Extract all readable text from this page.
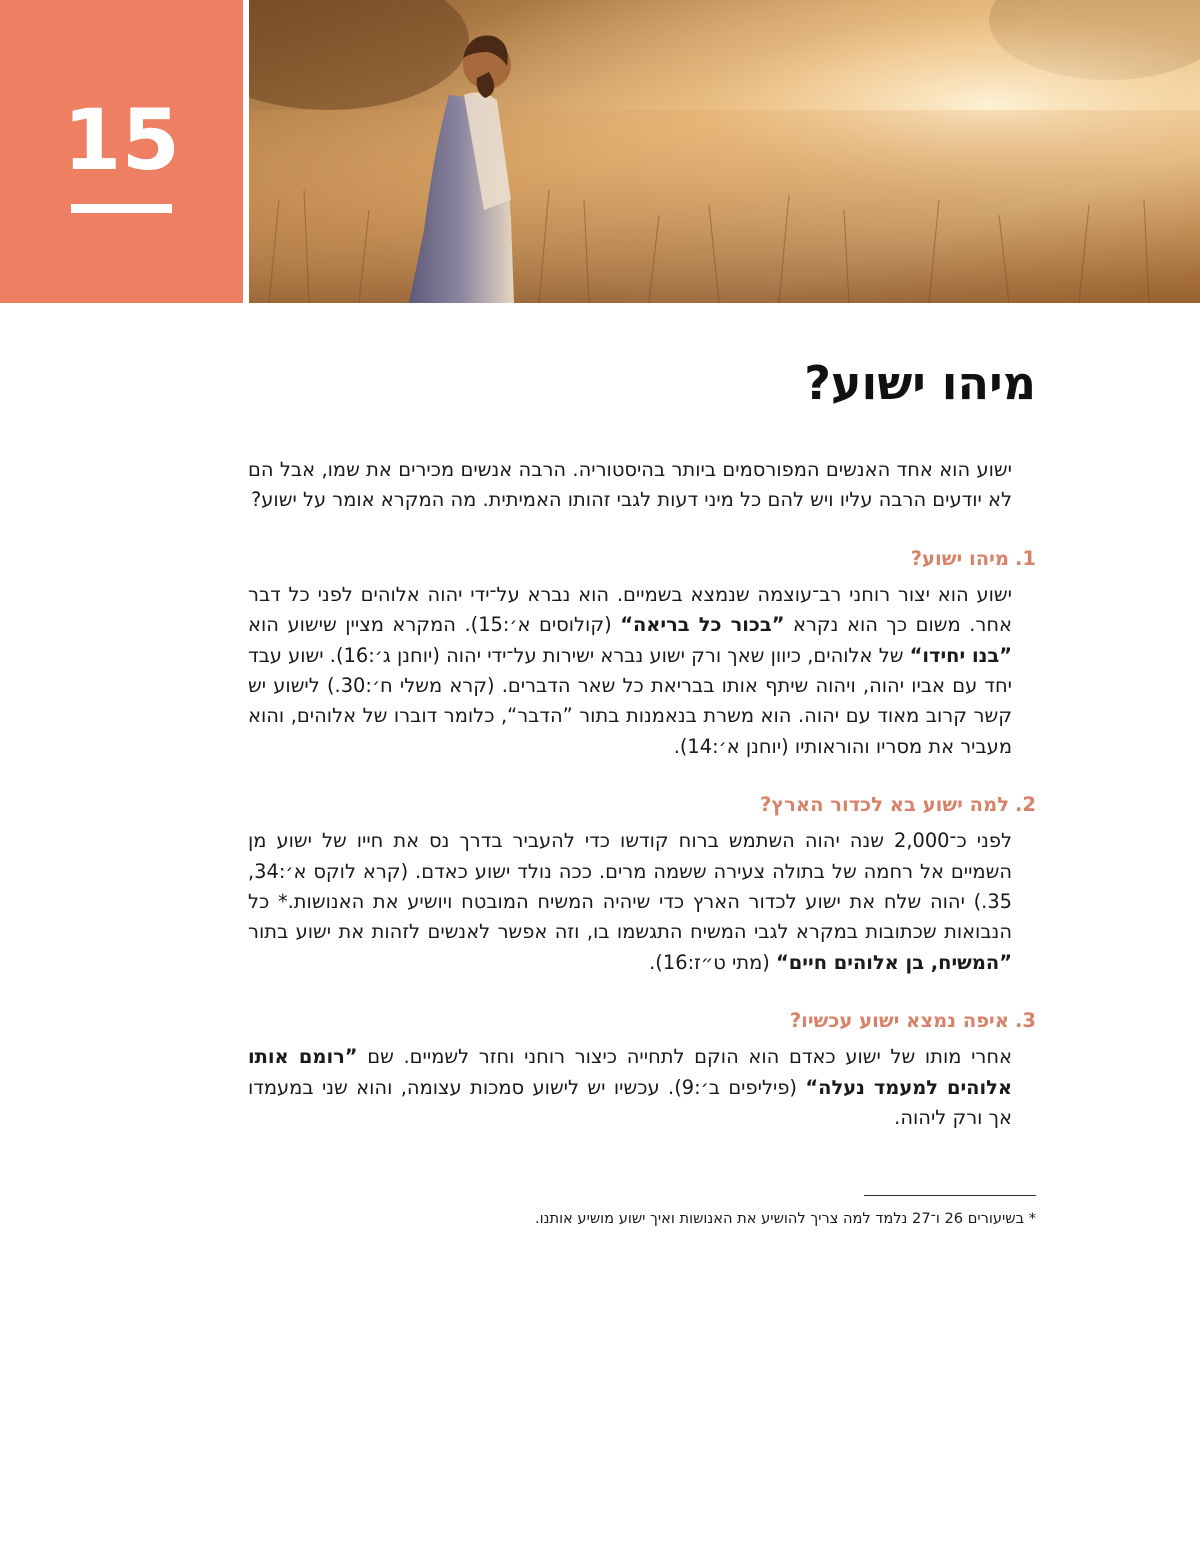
15
מיהו ישוע?

ישוע הוא אחד האנשים המפורסמים ביותר בהיסטוריה. הרבה אנשים מכירים את שמו, אבל הם לא יודעים הרבה עליו ויש להם כל מיני דעות לגבי זהותו האמיתית. מה המקרא אומר על ישוע?

1.מיהו ישוע?

ישוע הוא יצור רוחני רב־עוצמה שנמצא בשמיים. הוא נברא על־ידי יהוה אלוהים לפני כל דבר אחר. משום כך הוא נקרא ”בכור כל בריאה“ (קולוסים א׳:15). המקרא מציין שישוע הוא ”בנו יחידו“ של אלוהים, כיוון שאך ורק ישוע נברא ישירות על־ידי יהוה (יוחנן ג׳:16). ישוע עבד יחד עם אביו יהוה, ויהוה שיתף אותו בבריאת כל שאר הדברים. (קרא משלי ח׳:30.) לישוע יש קשר קרוב מאוד עם יהוה. הוא משרת בנאמנות בתור ”הדבר“, כלומר דוברו של אלוהים, והוא מעביר את מסריו והוראותיו (יוחנן א׳:14).

2.למה ישוע בא לכדור הארץ?

לפני כ־2,000 שנה יהוה השתמש ברוח קודשו כדי להעביר בדרך נס את חייו של ישוע מן השמיים אל רחמה של בתולה צעירה ששמה מרים. ככה נולד ישוע כאדם. (קרא לוקס א׳:34, 35.) יהוה שלח את ישוע לכדור הארץ כדי שיהיה המשיח המובטח ויושיע את האנושות.* כל הנבואות שכתובות במקרא לגבי המשיח התגשמו בו, וזה אפשר לאנשים לזהות את ישוע בתור ”המשיח, בן אלוהים חיים“ (מתי ט״ז:16).

3.איפה נמצא ישוע עכשיו?

אחרי מותו של ישוע כאדם הוא הוקם לתחייה כיצור רוחני וחזר לשמיים. שם ”רומם אותו אלוהים למעמד נעלה“ (פיליפים ב׳:9). עכשיו יש לישוע סמכות עצומה, והוא שני במעמדו אך ורק ליהוה.

* בשיעורים 26 ו־27 נלמד למה צריך להושיע את האנושות ואיך ישוע מושיע אותנו.
